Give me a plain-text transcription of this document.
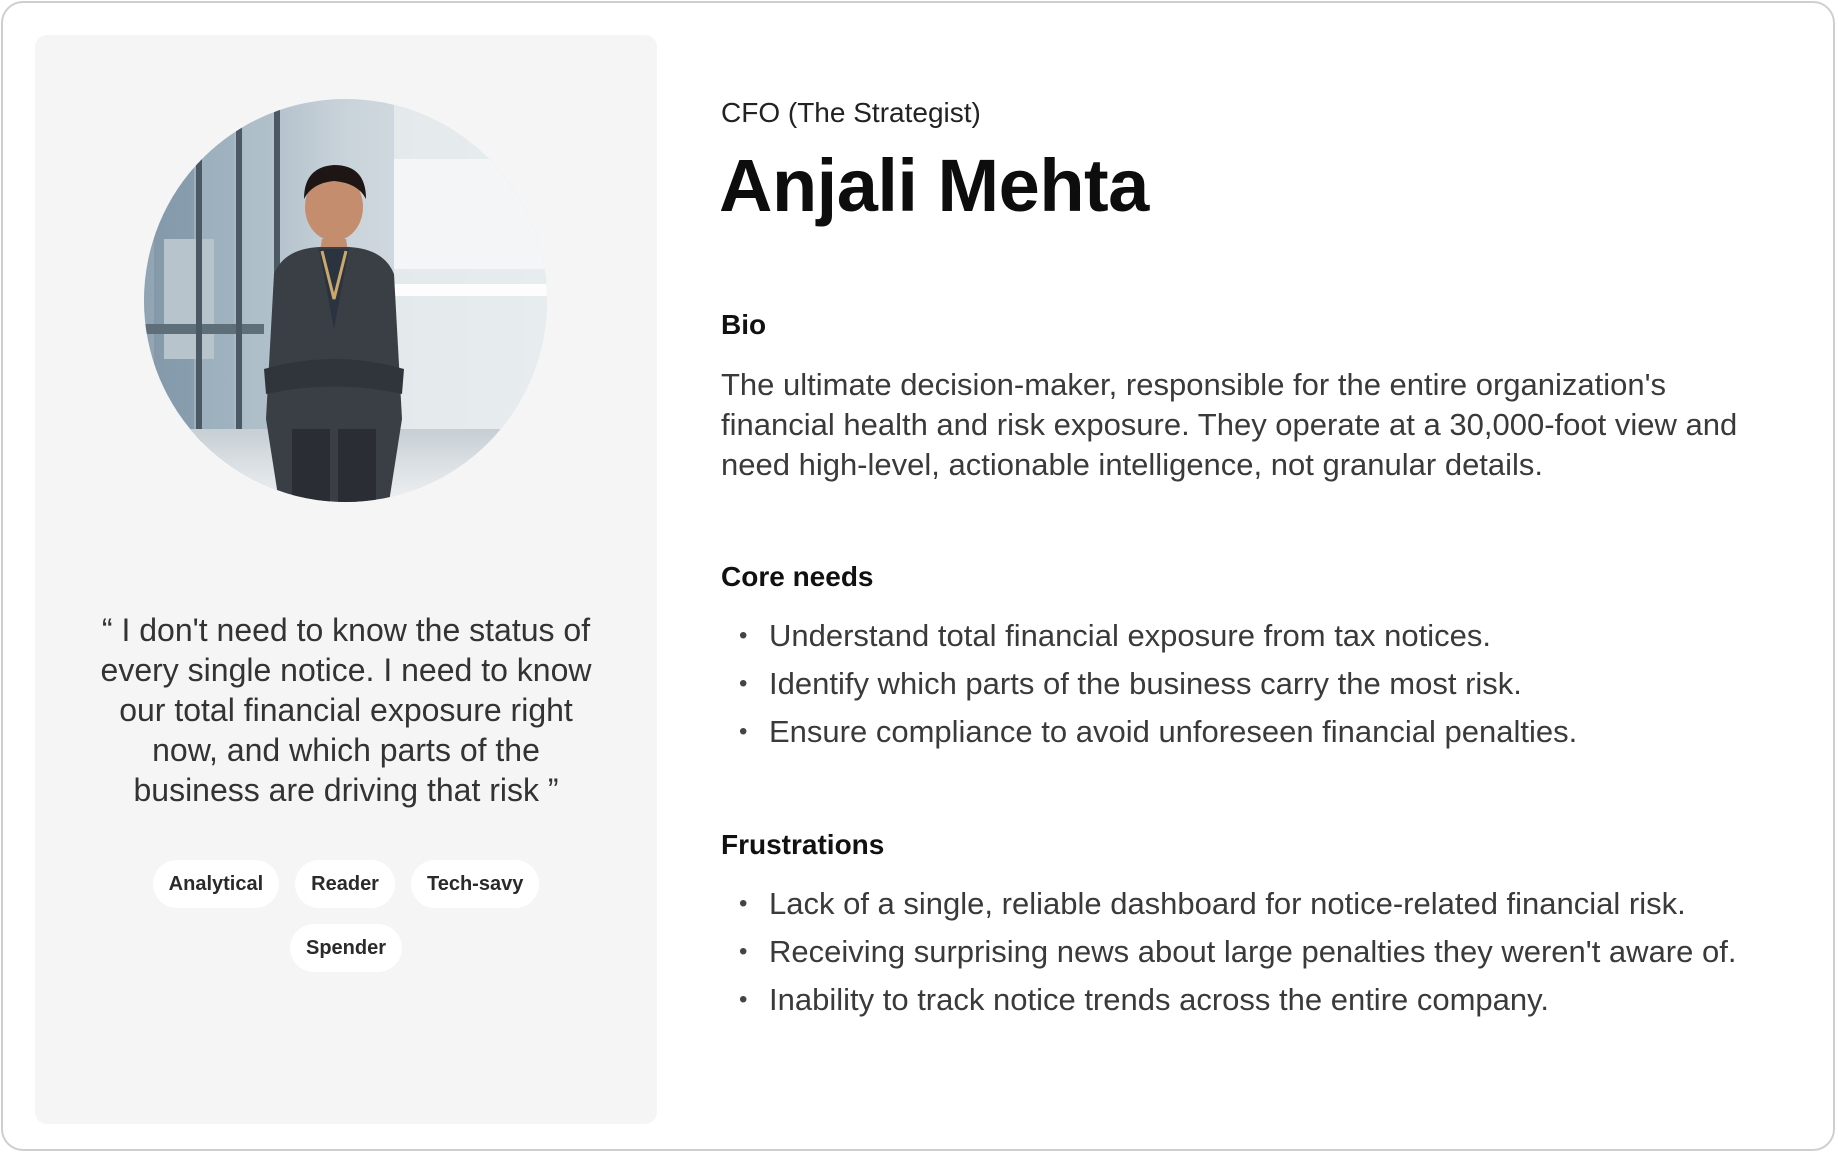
“ I don't need to know the status of every single notice. I need to know our total financial exposure right now, and which parts of the business are driving that risk ”
Analytical	Reader	Tech-savy
Spender
CFO (The Strategist)
Anjali Mehta
Bio
The ultimate decision-maker, responsible for the entire organization's financial health and risk exposure. They operate at a 30,000-foot view and need high-level, actionable intelligence, not granular details.
Core needs
• Understand total financial exposure from tax notices.
• Identify which parts of the business carry the most risk.
• Ensure compliance to avoid unforeseen financial penalties.
Frustrations
• Lack of a single, reliable dashboard for notice-related financial risk.
• Receiving surprising news about large penalties they weren't aware of.
• Inability to track notice trends across the entire company.
